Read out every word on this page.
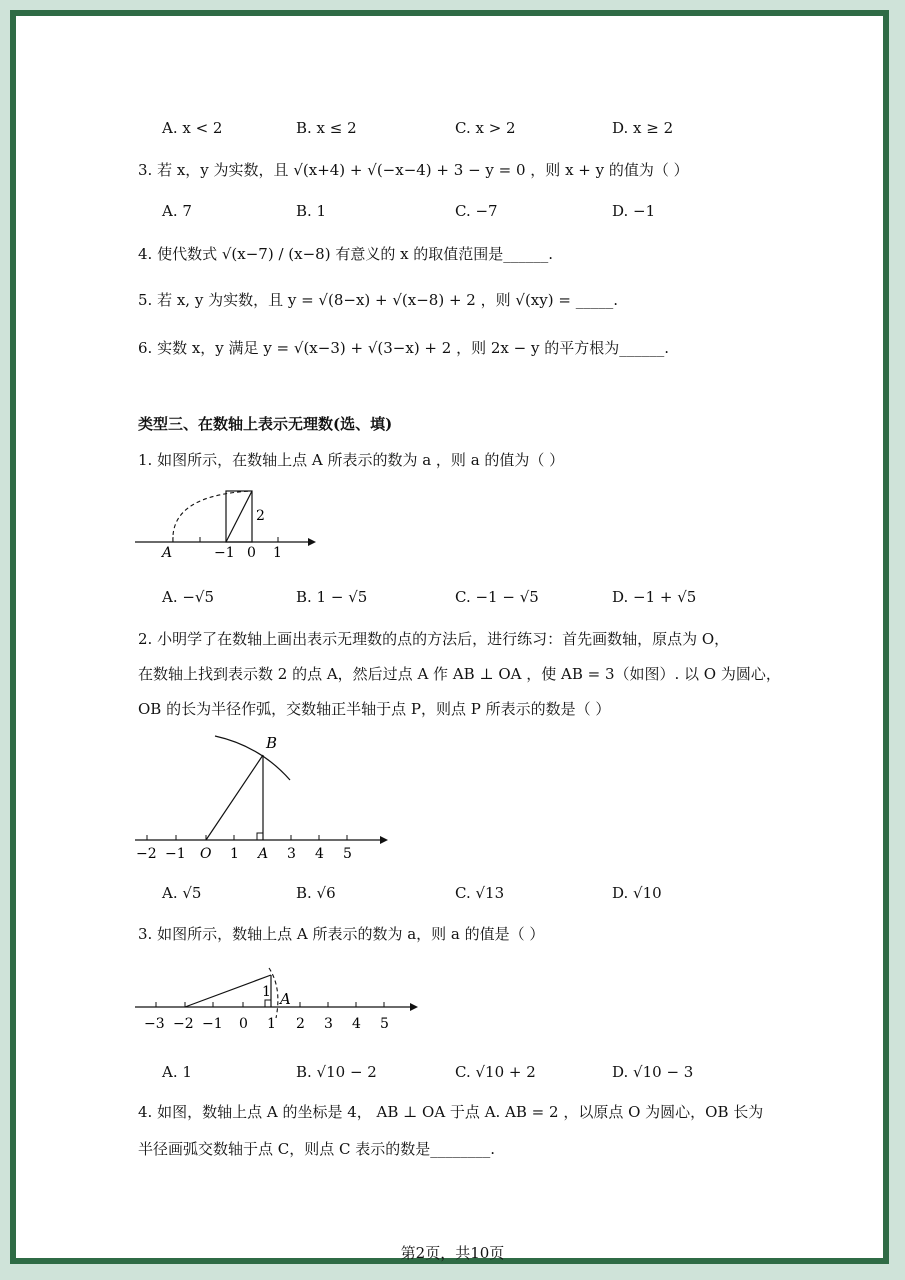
A. x < 2	B. x ≤ 2	C. x > 2	D. x ≥ 2
3. 若 x，y 为实数，且 √(x+4) + √(−x−4) + 3 − y = 0 ，则 x + y 的值为（ ）
A. 7	B. 1	C. −7	D. −1
4. 使代数式 √(x−7) / (x−8) 有意义的 x 的取值范围是______.
5. 若 x, y 为实数，且 y = √(8−x) + √(x−8) + 2 ，则 √(xy) = _____.
6. 实数 x，y 满足 y = √(x−3) + √(3−x) + 2 ，则 2x − y 的平方根为______.
类型三、在数轴上表示无理数(选、填)
1. 如图所示，在数轴上点 A 所表示的数为 a ，则 a 的值为（ ）
2
A	−1 0 1
A. −√5	B. 1 − √5	C. −1 − √5	D. −1 + √5
2. 小明学了在数轴上画出表示无理数的点的方法后，进行练习：首先画数轴，原点为 O，
在数轴上找到表示数 2 的点 A，然后过点 A 作 AB ⊥ OA ，使 AB = 3（如图）. 以 O 为圆心，
OB 的长为半径作弧，交数轴正半轴于点 P，则点 P 所表示的数是（ ）
B
−2 −1 O 1 A 3 4 5
A. √5	B. √6	C. √13	D. √10
3. 如图所示，数轴上点 A 所表示的数为 a，则 a 的值是（ ）
1 A
−3 −2 −1 0 1 2 3 4 5
A. 1	B. √10 − 2	C. √10 + 2	D. √10 − 3
4. 如图，数轴上点 A 的坐标是 4， AB ⊥ OA 于点 A. AB = 2 ，以原点 O 为圆心，OB 长为
半径画弧交数轴于点 C，则点 C 表示的数是________.
第2页，共10页
